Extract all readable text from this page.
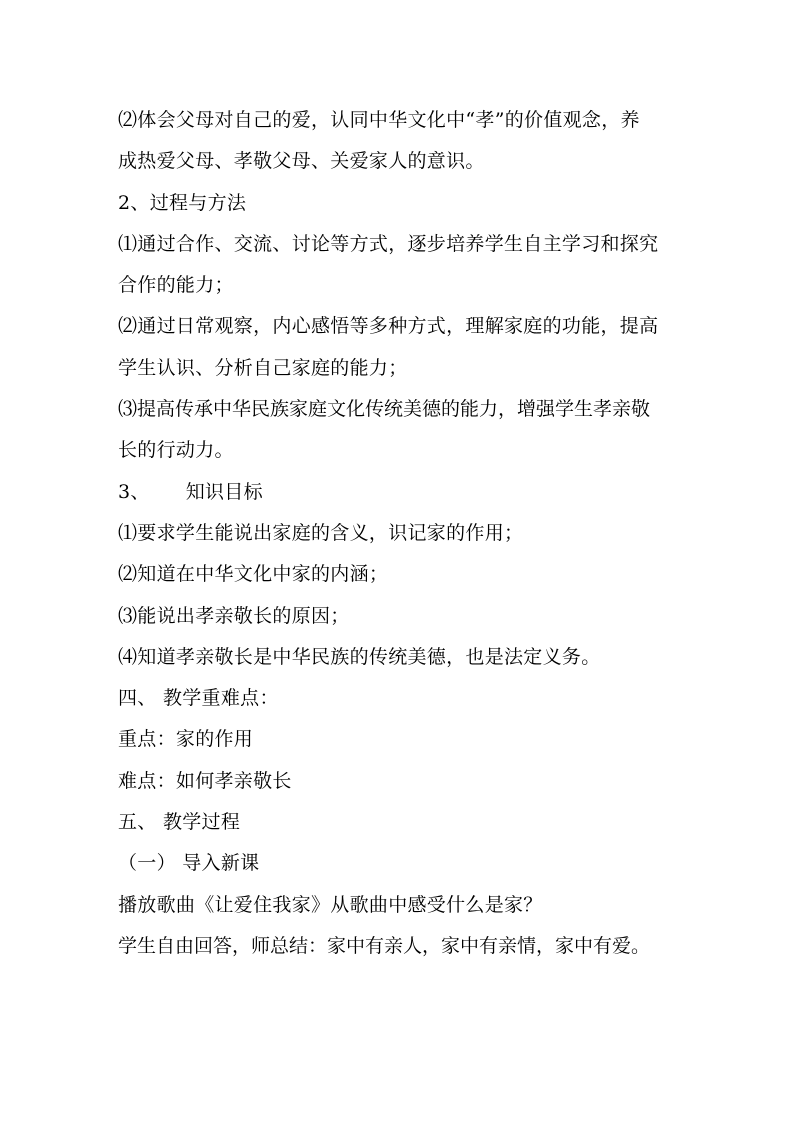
⑵体会父母对自己的爱，认同中华文化中“孝”的价值观念，养
成热爱父母、孝敬父母、关爱家人的意识。
2、过程与方法
⑴通过合作、交流、讨论等方式，逐步培养学生自主学习和探究
合作的能力；
⑵通过日常观察，内心感悟等多种方式，理解家庭的功能，提高
学生认识、分析自己家庭的能力；
⑶提高传承中华民族家庭文化传统美德的能力，增强学生孝亲敬
长的行动力。
3、 知识目标
⑴要求学生能说出家庭的含义，识记家的作用；
⑵知道在中华文化中家的内涵；
⑶能说出孝亲敬长的原因；
⑷知道孝亲敬长是中华民族的传统美德，也是法定义务。
四、 教学重难点：
重点：家的作用
难点：如何孝亲敬长
五、 教学过程
（一） 导入新课
播放歌曲《让爱住我家》从歌曲中感受什么是家？
学生自由回答，师总结：家中有亲人，家中有亲情，家中有爱。
